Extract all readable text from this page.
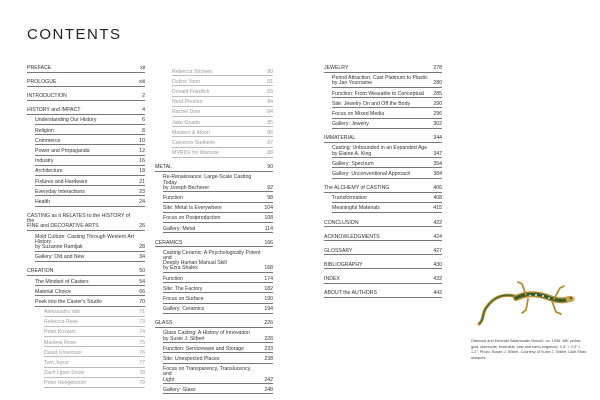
CONTENTS
PREFACE	xii
PROLOGUE	xiii
INTRODUCTION	2
HISTORY and IMPACT	4
Understanding Our History	6
Religion	8
Commerce	10
Power and Propaganda	12
Industry	16
Architecture	18
Fixtures and Hardware	21
Everyday Interactions	23
Health	24
CASTING as it RELATES to the HISTORY of the
FINE and DECORATIVE ARTS	26
Mold Culture: Casting Through Western Art History
by Suzanne Ramljak	28
Gallery: Old and New	34
CREATION	50
The Mindset of Casters	54
Material Choice	66
Peek into the Caster's Studio	70
Aleksandra Vali	71
Rebecca Rose	73
Peter Kovacic	74
Marlene Rose	75
David Unterman	76
Tom Joyce	77
Zach Lipari Snow	78
Peter Hoogeboom	79
Rebecca Strzelec	80
Dukno Yoon	81
Donald Friedlich	83
Nerd Preston	84
Rachel Dow	84
Jake Goade	85
Masters & Moon	86
Cameron Stalheim	87
MVRDV for Wamote	88
METAL	90
Re-Renaissance: Large-Scale Casting Today
by Joseph Becherer	92
Function	98
Site: Metal Is Everywhere	104
Focus on Postproduction	108
Gallery: Metal	114
CERAMICS	166
Casting Ceramic: A Psychologically Potent and
Deeply Human Manual Skill
by Ezra Shales	168
Function	174
Site: The Factory	182
Focus on Surface	190
Gallery: Ceramics	194
GLASS	226
Glass Casting: A History of Innovation
by Susie J. Silbert	228
Function: Serviceware and Storage	233
Site: Unexpected Places	238
Focus on Transparency, Translucency, and
Light	242
Gallery: Glass	248
JEWELRY	278
Period Attraction: Cast Platinum to Plastic
by Jan Yourname	280
Function: From Wearable to Conceptual	285
Site: Jewelry On and Off the Body	290
Focus on Mixed Media	296
Gallery: Jewelry	302
IMMATERIAL	344
Casting: Unbounded in an Expanded Age
by Elaine A. King	347
Gallery: Spectrum	354
Gallery: Unconventional Approach	384
The ALCHEMY of CASTING	406
Transformation	408
Meaningful Materials	415
CONCLUSION	422
ACKNOWLEDGMENTS	424
GLOSSARY	427
BIBLIOGRAPHY	430
INDEX	432
ABOUT the AUTHORS	442
Diamond and Emerald Salamander Brooch, ca. 1935. 18K yellow gold, diamonds, emeralds, cast and hand-engraved, 3.4" × 0.3" × 1.2". Photo: Susan J. Silbert. Courtesy of Susie J. Silbert, Lilah Eban antiques.
